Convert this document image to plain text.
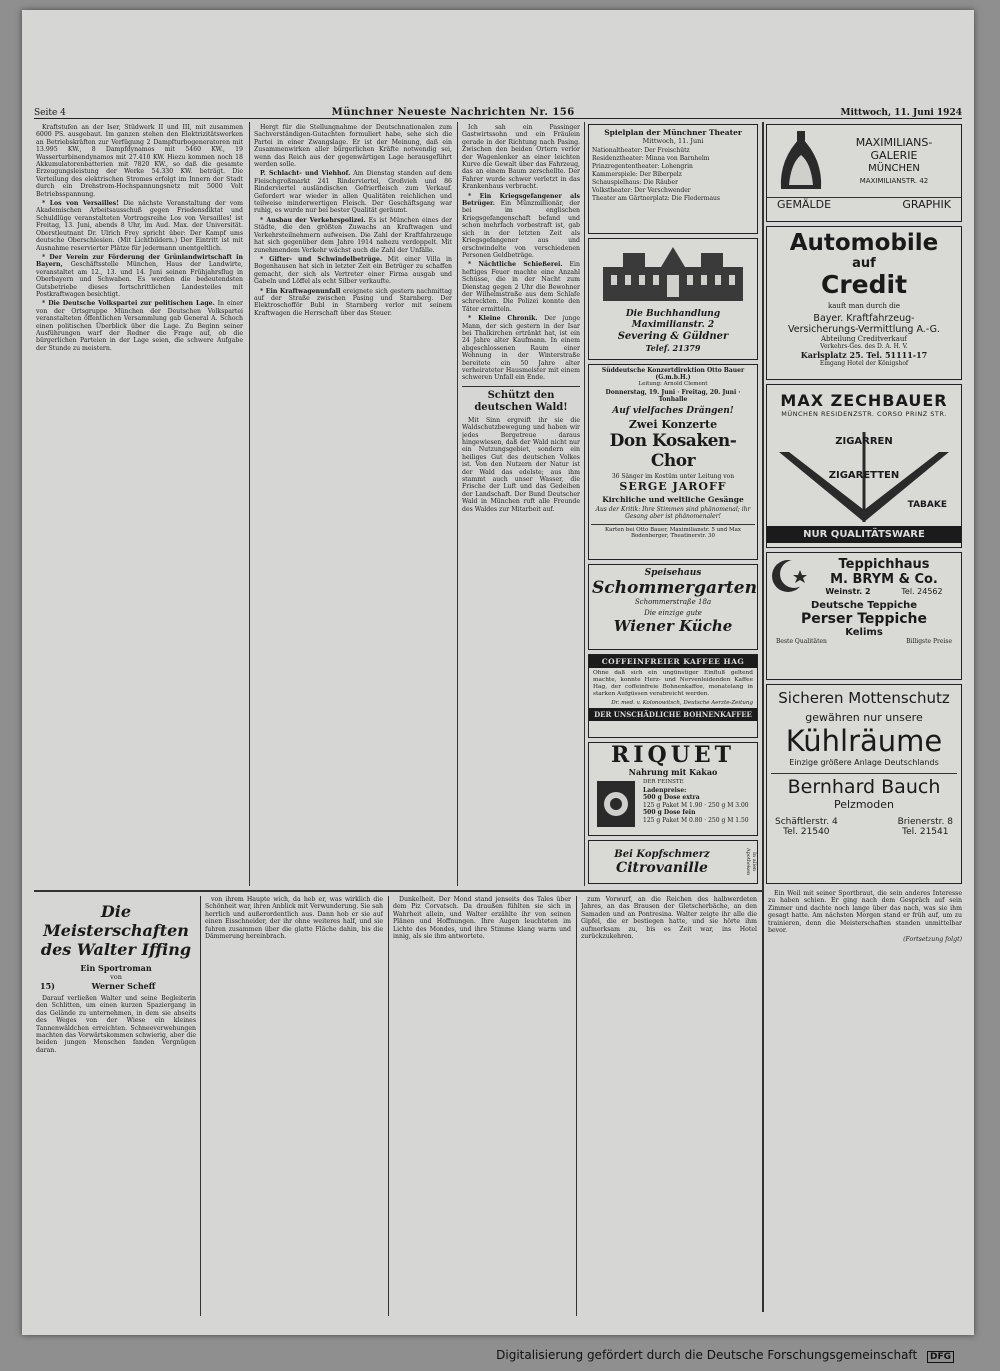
Seite 4	Münchner Neueste Nachrichten Nr. 156	Mittwoch, 11. Juni 1924

Kraftstufen an der Iser, Stüdwerk II und III, mit zusammen 6000 PS. ausgebaut. Im ganzen stehen den Elektrizitätswerken an Betriebskräften zur Verfügung 2 Dampfturbogeneratoren mit 13.995 KW., 8 Dampfdynamos mit 5460 KW., 19 Wasserturbinendynamos mit 27.410 KW. Hiezu kommen noch 18 Akkumulatorenbatterien mit 7820 KW., so daß die gesamte Erzeugungsleistung der Werke 54.330 KW. beträgt. Die Verteilung des elektrischen Stromes erfolgt im Innern der Stadt durch ein Drehstrom-Hochspannungsnetz mit 5000 Volt Betriebsspannung.

* Los von Versailles! Die nächste Veranstaltung der vom Akademischen Arbeitsausschuß gegen Friedensdiktat und Schuldlüge veranstalteten Vortragsreihe Los von Versailles! ist Freitag, 13. Juni, abends 8 Uhr, im Aud. Max. der Universität. Oberstleutnant Dr. Ulrich Frey spricht über: Der Kampf ums deutsche Oberschlesien. (Mit Lichtbildern.) Der Eintritt ist mit Ausnahme reservierter Plätze für jedermann unentgeltlich.

* Der Verein zur Förderung der Grünlandwirtschaft in Bayern, Geschäftsstelle München, Haus der Landwirte, veranstaltet am 12., 13. und 14. Juni seinen Frühjahrsflug in Oberbayern und Schwaben. Es werden die bedeutendsten Gutsbetriebe dieses fortschrittlichen Landesteiles mit Postkraftwagen besichtigt.

* Die Deutsche Volkspartei zur politischen Lage. In einer von der Ortsgruppe München der Deutschen Volkspartei veranstalteten öffentlichen Versammlung gab General A. Schoch einen politischen Überblick über die Lage. Zu Beginn seiner Ausführungen warf der Redner die Frage auf, ob die bürgerlichen Parteien in der Lage seien, die schwere Aufgabe der Stunde zu meistern.

Hergt für die Stellungnahme der Deutschnationalen zum Sachverständigen-Gutachten formuliert habe, sehe sich die Partei in einer Zwangslage. Er ist der Meinung, daß ein Zusammenwirken aller bürgerlichen Kräfte notwendig sei, wenn das Reich aus der gegenwärtigen Lage herausgeführt werden solle.

P. Schlacht- und Viehhof. Am Dienstag standen auf dem Fleischgroßmarkt 241 Rinderviertel, Großvieh und 86 Rinderviertel ausländischen Gefrierfleisch zum Verkauf. Gefordert war wieder in allen Qualitäten reichlichen und teilweise minderwertigen Fleisch. Der Geschäftsgang war ruhig, es wurde nur bei bester Qualität geräumt.

* Ausbau der Verkehrspolizei. Es ist München eines der Städte, die den größten Zuwachs an Kraftwagen und Verkehrsteilnehmern aufweisen. Die Zahl der Kraftfahrzeuge hat sich gegenüber dem Jahre 1914 nahezu verdoppelt. Mit zunehmendem Verkehr wächst auch die Zahl der Unfälle.

* Gifter- und Schwindelbetrüge. Mit einer Villa in Bogenhausen hat sich in letzter Zeit ein Betrüger zu schaffen gemacht, der sich als Vertreter einer Firma ausgab und Gabeln und Löffel als echt Silber verkaufte.

* Ein Kraftwagenunfall ereignete sich gestern nachmittag auf der Straße zwischen Pasing und Starnberg. Der Elektroschofför Bubl in Starnberg verlor mit seinem Kraftwagen die Herrschaft über das Steuer.

Ich sah ein Passinger Gastwirtssohn und ein Fräulein gerade in der Richtung nach Pasing. Zwischen den beiden Ortern verlor der Wagenlenker an einer leichten Kurve die Gewalt über das Fahrzeug, das an einem Baum zerschellte. Der Fahrer wurde schwer verletzt in das Krankenhaus verbracht.

* Ein Kriegsgefangener als Betrüger. Ein Münzmillionär, der bei im englischen Kriegsgefangenschaft befand und schon mehrfach vorbestraft ist, gab sich in der letzten Zeit als Kriegsgefangener aus und erschwindelte von verschiedenen Personen Geldbeträge.

* Nächtliche Schießerei. Ein heftiges Feuer machte eine Anzahl Schüsse, die in der Nacht zum Dienstag gegen 2 Uhr die Bewohner der Wilhelmstraße aus dem Schlafe schreckten. Die Polizei konnte den Täter ermitteln.

* Kleine Chronik. Der junge Mann, der sich gestern in der Isar bei Thalkirchen ertränkt hat, ist ein 24 Jahre alter Kaufmann. In einem abgeschlossenen Raum einer Wohnung in der Winterstraße bereitete ein 50 Jahre alter verheirateter Hausmeister mit einem schweren Unfall ein Ende.

Schützt den deutschen Wald!

Mit Sinn ergreift ihr sie die Waldschutzbewegung und haben wir jedes Bergetreue daraus hingewiesen, daß der Wald nicht nur ein Nutzungsgebiet, sondern ein heiliges Gut des deutschen Volkes ist. Von den Nutzern der Natur ist der Wald das edelste; aus ihm stammt auch unser Wasser, die Frische der Luft und das Gedeihen der Landschaft. Der Bund Deutscher Wald in München ruft alle Freunde des Waldes zur Mitarbeit auf.

Spielplan der Münchner Theater
Mittwoch, 11. Juni
Nationaltheater: Der Freischütz
Residenztheater: Minna von Barnhelm
Prinzregententheater: Lohengrin
Kammerspiele: Der Biberpelz
Schauspielhaus: Die Räuber
Volkstheater: Der Verschwender
Theater am Gärtnerplatz: Die Fledermaus
Die Buchhandlung Maximilianstr. 2
Severing & Güldner
Telef. 21379
Süddeutsche Konzertdirektion Otto Bauer (G.m.b.H.)
Leitung: Arnold Clement
Donnerstag, 19. Juni · Freitag, 20. Juni · Tonhalle
Auf vielfaches Drängen!
Zwei Konzerte
Don Kosaken-Chor
36 Sänger im Kostüm unter Leitung von
SERGE JAROFF
Kirchliche und weltliche Gesänge
Aus der Kritik: Ihre Stimmen sind phänomenal; ihr Gesang aber ist phänomenaler!
Karten bei Otto Bauer, Maximilianstr. 5 und Max Bodenberger, Theatinerstr. 30
Speisehaus
Schommergarten
Schommerstraße 18a
Die einzige gute
Wiener Küche
COFFEINFREIER KAFFEE HAG
Ohne daß sich ein ungünstiger Einfluß geltend machte, konnte Herz- und Nervenleidenden Kaffee Hag, der coffeinfreie Bohnenkaffee, monatelang in starken Aufgüssen verabreicht werden.
Dr. med. v. Kolonowitsch, Deutsche Aerzte-Zeitung
DER UNSCHÄDLICHE BOHNENKAFFEE
RIQUET
Nahrung mit Kakao
DER FEINSTE
Ladenpreise:
500 g Dose extra
125 g Paket M 1.90 · 250 g M 3.00
500 g Dose fein
125 g Paket M 0.80 · 250 g M 1.50
Bei Kopfschmerz
Citrovanille	In allen Apotheken
MAXIMILIANS-
GALERIE
MÜNCHEN
MAXIMILIANSTR. 42
GEMÄLDE	GRAPHIK
Automobile
auf
Credit
kauft man durch die
Bayer. Kraftfahrzeug-
Versicherungs-Vermittlung A.-G.
Abteilung Creditverkauf
Verkehrs-Ges. des D. A. H. V.
Karlsplatz 25. Tel. 51111-17
Eingang Hotel der Königshof
MAX ZECHBAUER
MÜNCHEN RESIDENZSTR. CORSO PRINZ STR.
ZIGARREN
ZIGARETTEN
TABAKE
NUR QUALITÄTSWARE
Teppichhaus
M. BRYM & Co.
Weinstr. 2	Tel. 24562
Deutsche Teppiche
Perser Teppiche
Kelims
Beste Qualitäten	Billigste Preise
Sicheren Mottenschutz
gewähren nur unsere
Kühlräume
Einzige größere Anlage Deutschlands
Bernhard Bauch
Pelzmoden
Schäftlerstr. 4
Tel. 21540
Brienerstr. 8
Tel. 21541
Die Meisterschaften
des Walter Iffing
Ein Sportroman
von
15)	Werner Scheff

Darauf verließen Walter und seine Begleiterin den Schlitten, um einen kurzen Spaziergang in das Gelände zu unternehmen, in dem sie abseits des Weges von der Wiese ein kleines Tannenwäldchen erreichten. Schneeverwehungen machten das Vorwärtskommen schwierig, aber die beiden jungen Menschen fanden Vergnügen daran.

von ihrem Haupte wich, da heb er, was wirklich die Schönheit war, ihren Anblick mit Verwunderung. Sie sah herrlich und außerordentlich aus. Dann hob er sie auf einen Eisschneider, der ihr ohne weiteres half, und sie fuhren zusammen über die glatte Fläche dahin, bis die Dämmerung hereinbrach.

Dunkelheit. Der Mond stand jenseits des Tales über dem Piz Corvatsch. Da draußen fühlten sie sich in Wahrheit allein, und Walter erzählte ihr von seinen Plänen und Hoffnungen. Ihre Augen leuchteten im Lichte des Mondes, und ihre Stimme klang warm und innig, als sie ihm antwortete.

zum Vorwurf, an die Reichen des halbwerdeten Jahres, an das Brausen der Gletscherbäche, an den Samaden und an Pontresina. Walter zeigte ihr alle die Gipfel, die er bestiegen hatte, und sie hörte ihm aufmerksam zu, bis es Zeit war, ins Hotel zurückzukehren.

Ein Weil mit seiner Sportbraut, die sein anderes Interesse zu haben schien. Er ging nach dem Gespräch auf sein Zimmer und dachte noch lange über das nach, was sie ihm gesagt hatte. Am nächsten Morgen stand er früh auf, um zu trainieren, denn die Meisterschaften standen unmittelbar bevor.

(Fortsetzung folgt)
Digitalisierung gefördert durch die Deutsche Forschungsgemeinschaft DFG
